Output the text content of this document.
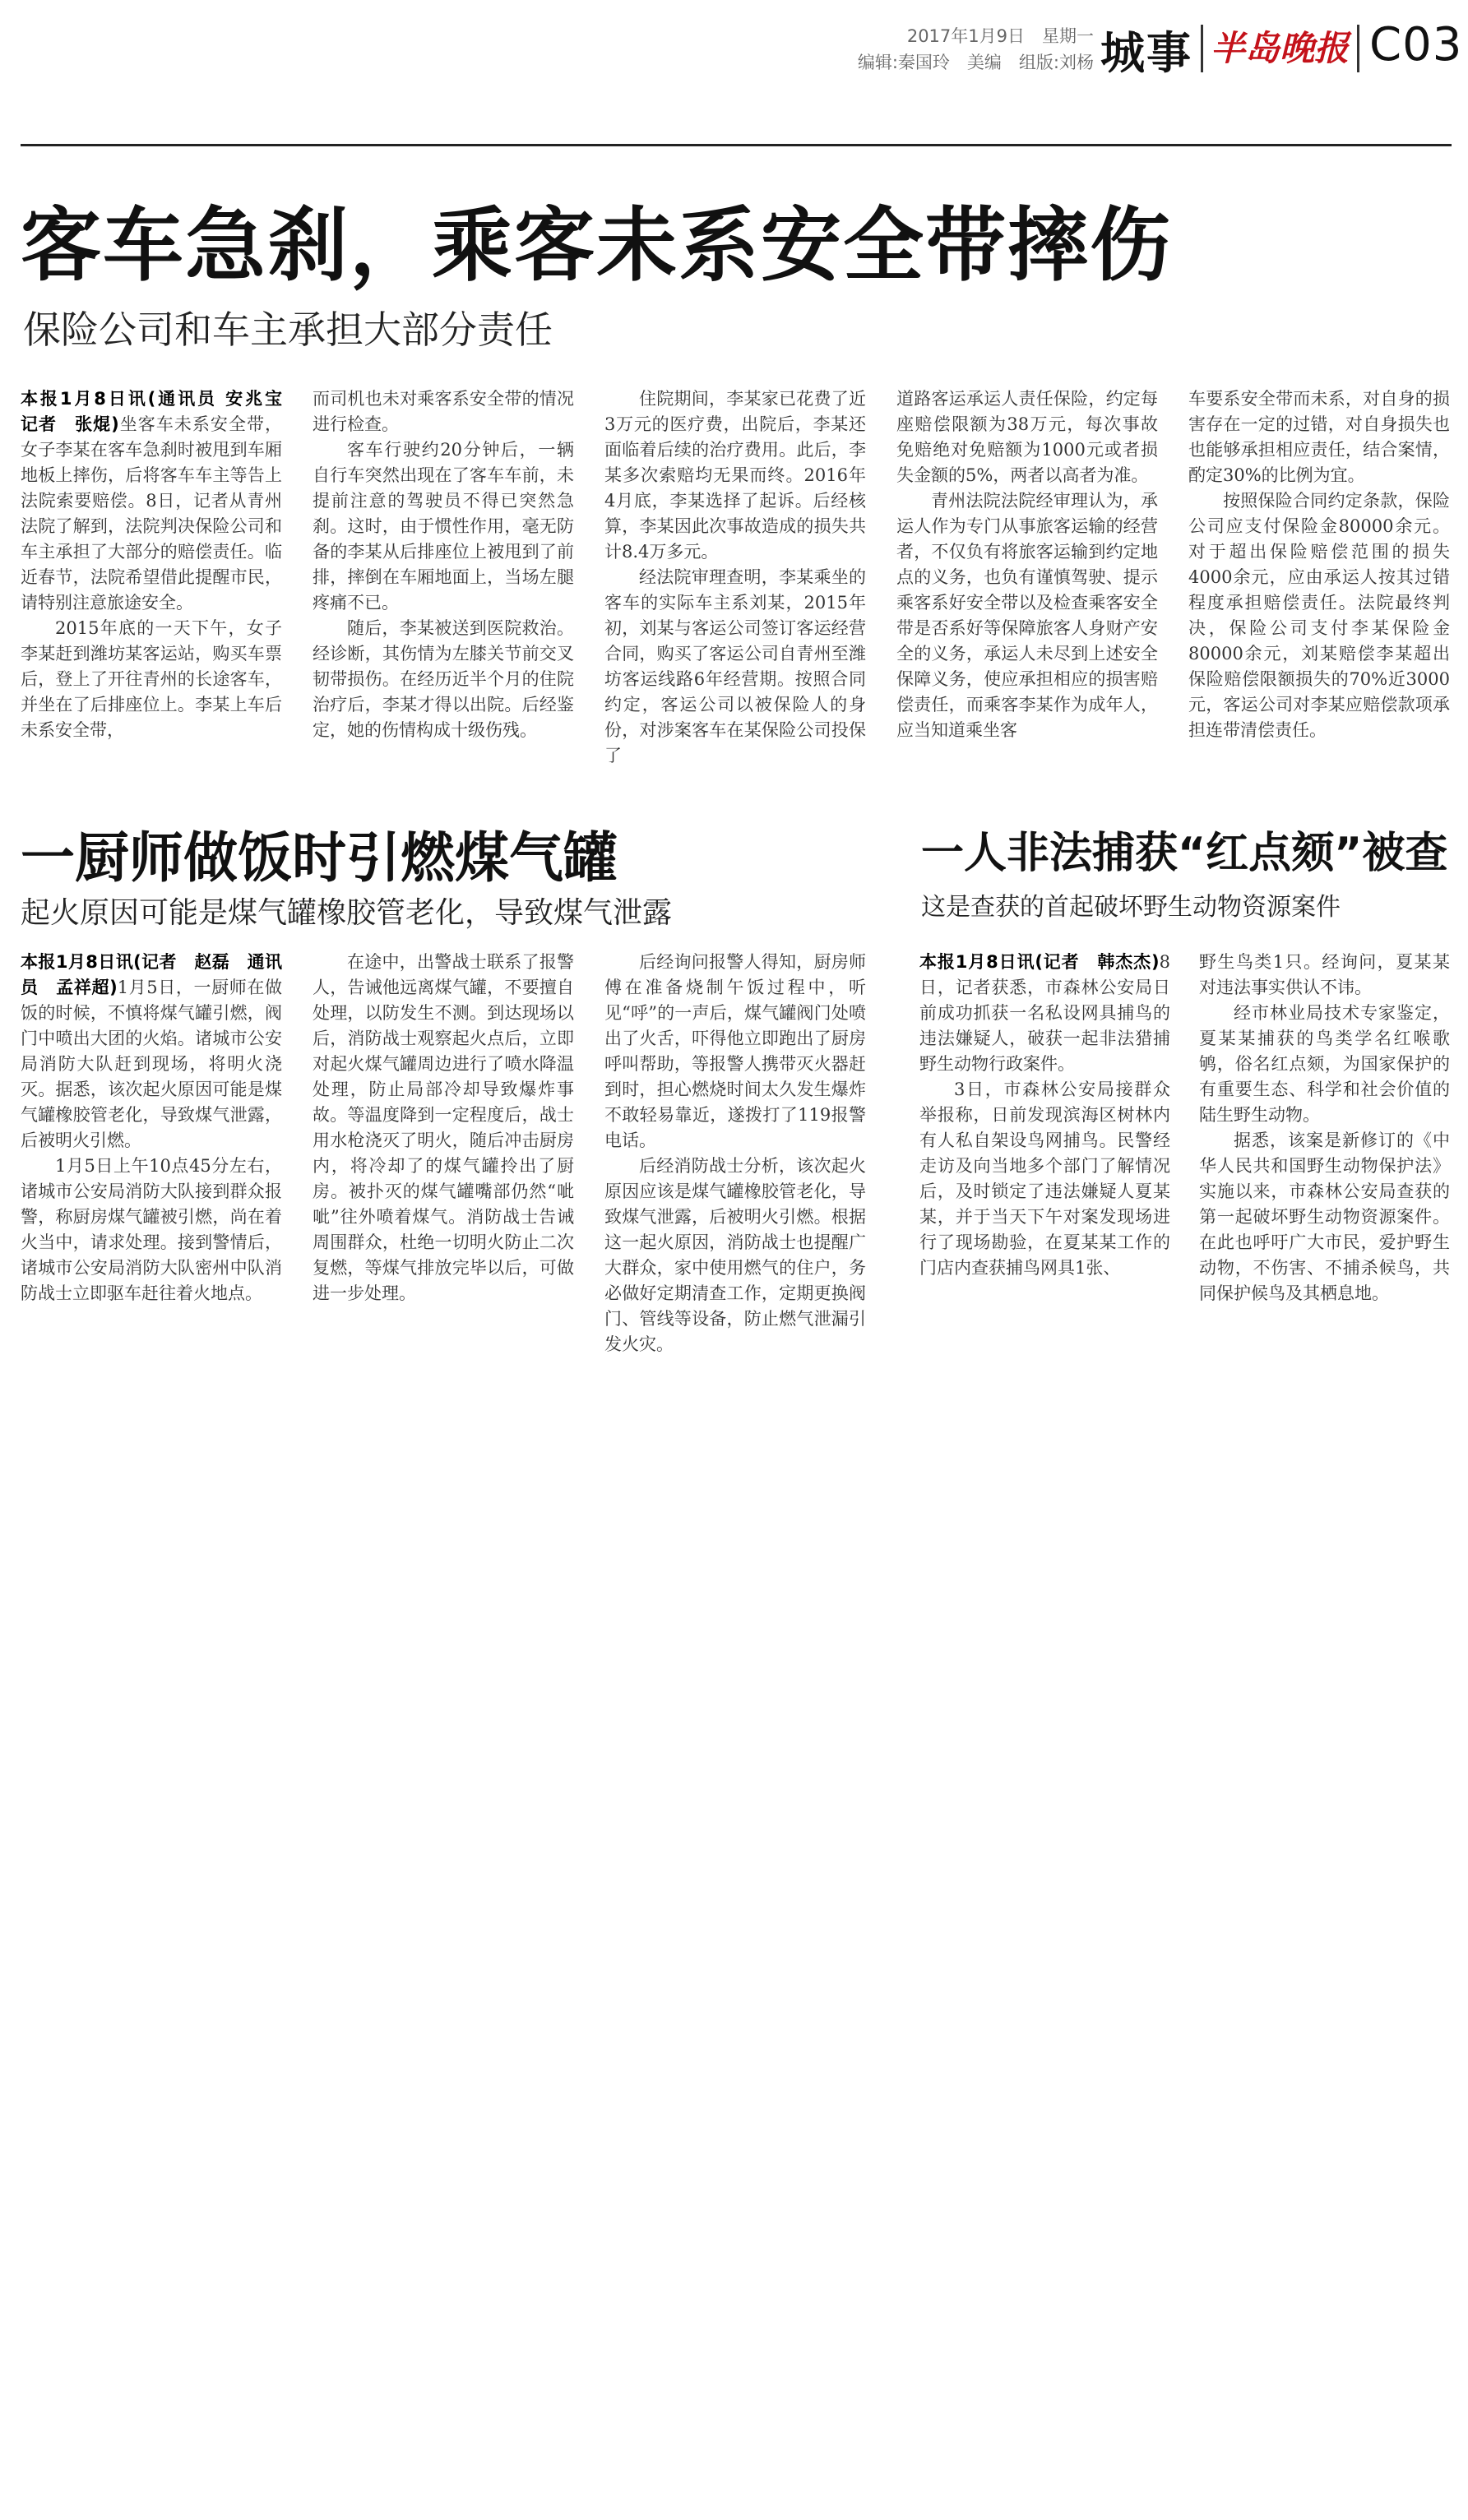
2017年1月9日　星期一
编辑:秦国玲　美编　组版:刘杨 城事 半岛晚报 C03
客车急刹，乘客未系安全带摔伤
保险公司和车主承担大部分责任

本报1月8日讯(通讯员 安兆宝　记者　张焜)坐客车未系安全带，女子李某在客车急刹时被甩到车厢地板上摔伤，后将客车车主等告上法院索要赔偿。8日，记者从青州法院了解到，法院判决保险公司和车主承担了大部分的赔偿责任。临近春节，法院希望借此提醒市民，请特别注意旅途安全。

2015年底的一天下午，女子李某赶到潍坊某客运站，购买车票后，登上了开往青州的长途客车，并坐在了后排座位上。李某上车后未系安全带，

而司机也未对乘客系安全带的情况进行检查。

客车行驶约20分钟后，一辆自行车突然出现在了客车车前，未提前注意的驾驶员不得已突然急刹。这时，由于惯性作用，毫无防备的李某从后排座位上被甩到了前排，摔倒在车厢地面上，当场左腿疼痛不已。

随后，李某被送到医院救治。经诊断，其伤情为左膝关节前交叉韧带损伤。在经历近半个月的住院治疗后，李某才得以出院。后经鉴定，她的伤情构成十级伤残。

住院期间，李某家已花费了近3万元的医疗费，出院后，李某还面临着后续的治疗费用。此后，李某多次索赔均无果而终。2016年4月底，李某选择了起诉。后经核算，李某因此次事故造成的损失共计8.4万多元。

经法院审理查明，李某乘坐的客车的实际车主系刘某，2015年初，刘某与客运公司签订客运经营合同，购买了客运公司自青州至潍坊客运线路6年经营期。按照合同约定，客运公司以被保险人的身份，对涉案客车在某保险公司投保了

道路客运承运人责任保险，约定每座赔偿限额为38万元，每次事故免赔绝对免赔额为1000元或者损失金额的5%，两者以高者为准。

青州法院法院经审理认为，承运人作为专门从事旅客运输的经营者，不仅负有将旅客运输到约定地点的义务，也负有谨慎驾驶、提示乘客系好安全带以及检查乘客安全带是否系好等保障旅客人身财产安全的义务，承运人未尽到上述安全保障义务，使应承担相应的损害赔偿责任，而乘客李某作为成年人，应当知道乘坐客

车要系安全带而未系，对自身的损害存在一定的过错，对自身损失也也能够承担相应责任，结合案情，酌定30%的比例为宜。

按照保险合同约定条款，保险公司应支付保险金80000余元。对于超出保险赔偿范围的损失4000余元，应由承运人按其过错程度承担赔偿责任。法院最终判决，保险公司支付李某保险金80000余元，刘某赔偿李某超出保险赔偿限额损失的70%近3000元，客运公司对李某应赔偿款项承担连带清偿责任。

一厨师做饭时引燃煤气罐
起火原因可能是煤气罐橡胶管老化，导致煤气泄露

本报1月8日讯(记者　赵磊　通讯员　孟祥超)1月5日，一厨师在做饭的时候，不慎将煤气罐引燃，阀门中喷出大团的火焰。诸城市公安局消防大队赶到现场，将明火浇灭。据悉，该次起火原因可能是煤气罐橡胶管老化，导致煤气泄露，后被明火引燃。

1月5日上午10点45分左右，诸城市公安局消防大队接到群众报警，称厨房煤气罐被引燃，尚在着火当中，请求处理。接到警情后，诸城市公安局消防大队密州中队消防战士立即驱车赶往着火地点。

在途中，出警战士联系了报警人，告诫他远离煤气罐，不要擅自处理，以防发生不测。到达现场以后，消防战士观察起火点后，立即对起火煤气罐周边进行了喷水降温处理，防止局部冷却导致爆炸事故。等温度降到一定程度后，战士用水枪浇灭了明火，随后冲击厨房内，将冷却了的煤气罐拎出了厨房。被扑灭的煤气罐嘴部仍然“呲呲”往外喷着煤气。消防战士告诫周围群众，杜绝一切明火防止二次复燃，等煤气排放完毕以后，可做进一步处理。

后经询问报警人得知，厨房师傅在准备烧制午饭过程中，听见“呼”的一声后，煤气罐阀门处喷出了火舌，吓得他立即跑出了厨房呼叫帮助，等报警人携带灭火器赶到时，担心燃烧时间太久发生爆炸不敢轻易靠近，遂拨打了119报警电话。

后经消防战士分析，该次起火原因应该是煤气罐橡胶管老化，导致煤气泄露，后被明火引燃。根据这一起火原因，消防战士也提醒广大群众，家中使用燃气的住户，务必做好定期清查工作，定期更换阀门、管线等设备，防止燃气泄漏引发火灾。

一人非法捕获“红点颏”被查
这是查获的首起破坏野生动物资源案件

本报1月8日讯(记者　韩杰杰)8日，记者获悉，市森林公安局日前成功抓获一名私设网具捕鸟的违法嫌疑人，破获一起非法猎捕野生动物行政案件。

3日，市森林公安局接群众举报称，日前发现滨海区树林内有人私自架设鸟网捕鸟。民警经走访及向当地多个部门了解情况后，及时锁定了违法嫌疑人夏某某，并于当天下午对案发现场进行了现场勘验，在夏某某工作的门店内查获捕鸟网具1张、

野生鸟类1只。经询问，夏某某对违法事实供认不讳。

经市林业局技术专家鉴定，夏某某捕获的鸟类学名红喉歌鸲，俗名红点颏，为国家保护的有重要生态、科学和社会价值的陆生野生动物。

据悉，该案是新修订的《中华人民共和国野生动物保护法》实施以来，市森林公安局查获的第一起破坏野生动物资源案件。在此也呼吁广大市民，爱护野生动物，不伤害、不捕杀候鸟，共同保护候鸟及其栖息地。
